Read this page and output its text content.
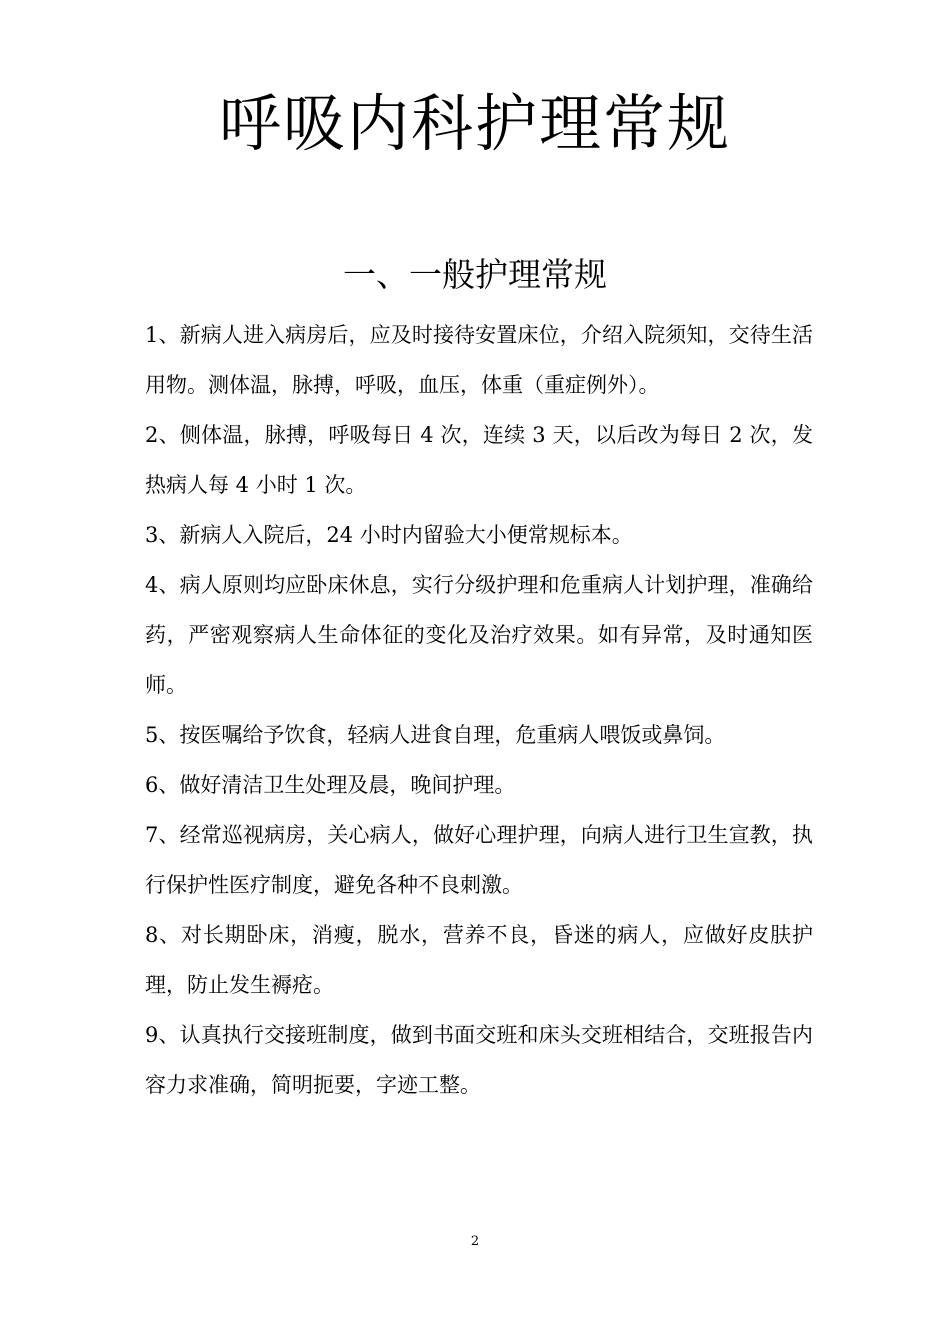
呼吸内科护理常规
一、一般护理常规

1、新病人进入病房后，应及时接待安置床位，介绍入院须知，交待生活用物。测体温，脉搏，呼吸，血压，体重（重症例外）。

2、侧体温，脉搏，呼吸每日 4 次，连续 3 天，以后改为每日 2 次，发热病人每 4 小时 1 次。

3、新病人入院后，24 小时内留验大小便常规标本。

4、病人原则均应卧床休息，实行分级护理和危重病人计划护理，准确给药，严密观察病人生命体征的变化及治疗效果。如有异常，及时通知医师。

5、按医嘱给予饮食，轻病人进食自理，危重病人喂饭或鼻饲。

6、做好清洁卫生处理及晨，晚间护理。

7、经常巡视病房，关心病人，做好心理护理，向病人进行卫生宣教，执行保护性医疗制度，避免各种不良刺激。

8、对长期卧床，消瘦，脱水，营养不良，昏迷的病人，应做好皮肤护理，防止发生褥疮。

9、认真执行交接班制度，做到书面交班和床头交班相结合，交班报告内容力求准确，简明扼要，字迹工整。

2
